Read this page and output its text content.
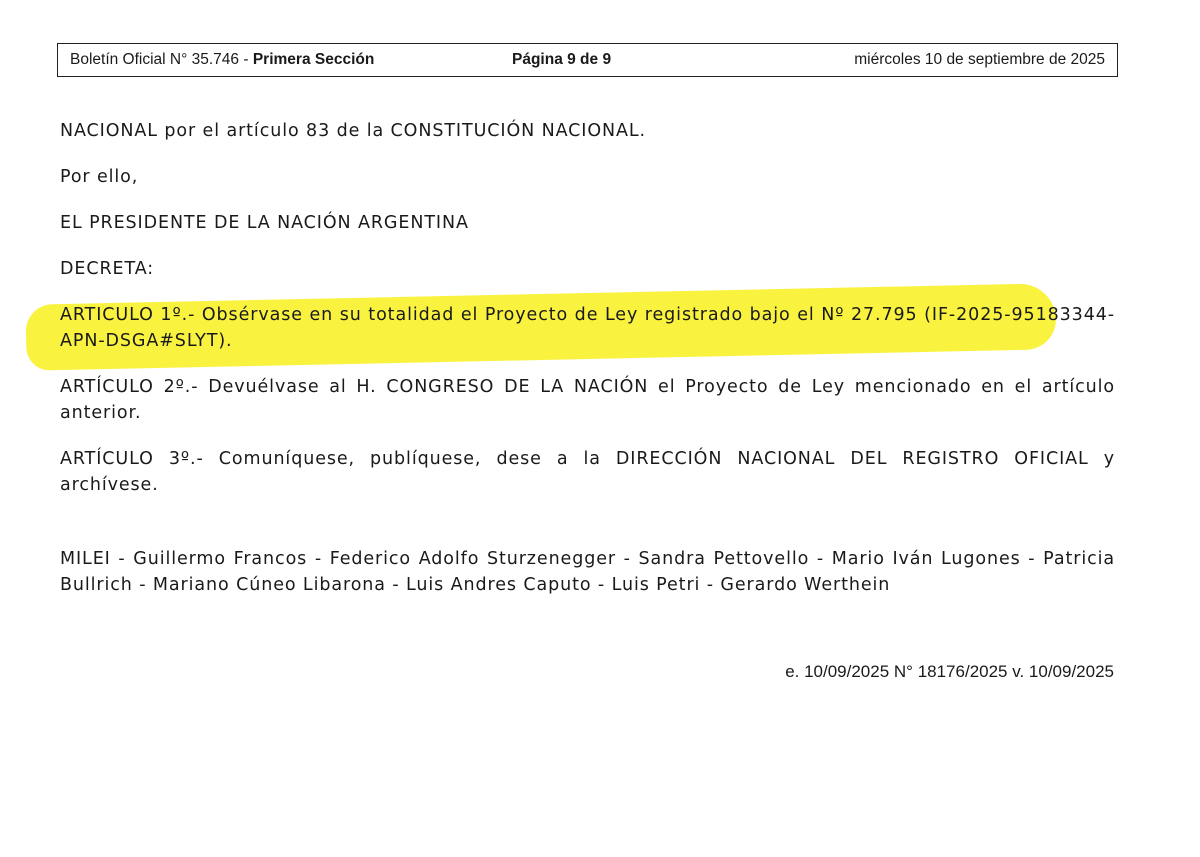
Boletín Oficial N° 35.746 - Primera Sección	Página 9 de 9	miércoles 10 de septiembre de 2025

NACIONAL por el artículo 83 de la CONSTITUCIÓN NACIONAL.

Por ello,

EL PRESIDENTE DE LA NACIÓN ARGENTINA

DECRETA:

ARTICULO 1º.- Obsérvase en su totalidad el Proyecto de Ley registrado bajo el Nº 27.795 (IF-2025-95183344-APN-DSGA#SLYT).

ARTÍCULO 2º.- Devuélvase al H. CONGRESO DE LA NACIÓN el Proyecto de Ley mencionado en el artículo anterior.

ARTÍCULO 3º.- Comuníquese, publíquese, dese a la DIRECCIÓN NACIONAL DEL REGISTRO OFICIAL y archívese.

MILEI - Guillermo Francos - Federico Adolfo Sturzenegger - Sandra Pettovello - Mario Iván Lugones - Patricia Bullrich - Mariano Cúneo Libarona - Luis Andres Caputo - Luis Petri - Gerardo Werthein

e. 10/09/2025 N° 18176/2025 v. 10/09/2025
